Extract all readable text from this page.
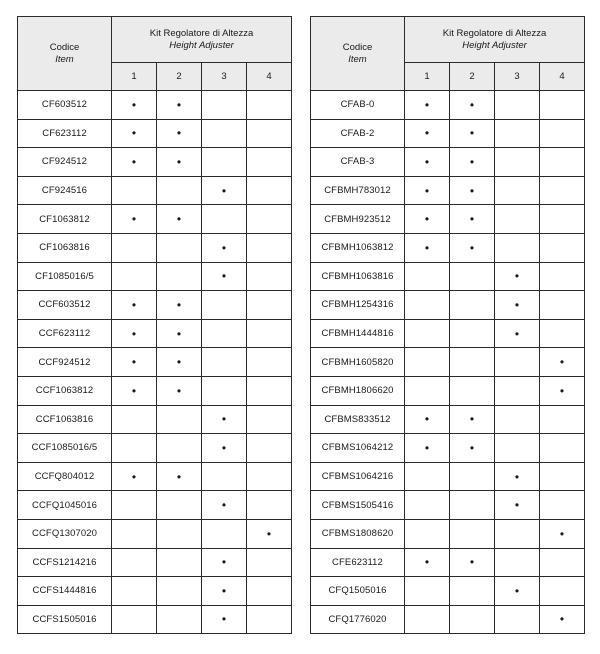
Codice
Item	Kit Regolatore di Altezza
Height Adjuster			

	1	2	3	4
CF603512	•	•		
CF623112	•	•		
CF924512	•	•		
CF924516			•	
CF1063812	•	•		
CF1063816			•	
CF1085016/5			•	
CCF603512	•	•		
CCF623112	•	•		
CCF924512	•	•		
CCF1063812	•	•		
CCF1063816			•	
CCF1085016/5			•	
CCFQ804012	•	•		
CCFQ1045016			•	
CCFQ1307020				•
CCFS1214216			•	
CCFS1444816			•	
CCFS1505016			•	
Codice
Item	Kit Regolatore di Altezza
Height Adjuster			

	1	2	3	4
CFAB-0	•	•		
CFAB-2	•	•		
CFAB-3	•	•		
CFBMH783012	•	•		
CFBMH923512	•	•		
CFBMH1063812	•	•		
CFBMH1063816			•	
CFBMH1254316			•	
CFBMH1444816			•	
CFBMH1605820				•
CFBMH1806620				•
CFBMS833512	•	•		
CFBMS1064212	•	•		
CFBMS1064216			•	
CFBMS1505416			•	
CFBMS1808620				•
CFE623112	•	•		
CFQ1505016			•	
CFQ1776020				•
